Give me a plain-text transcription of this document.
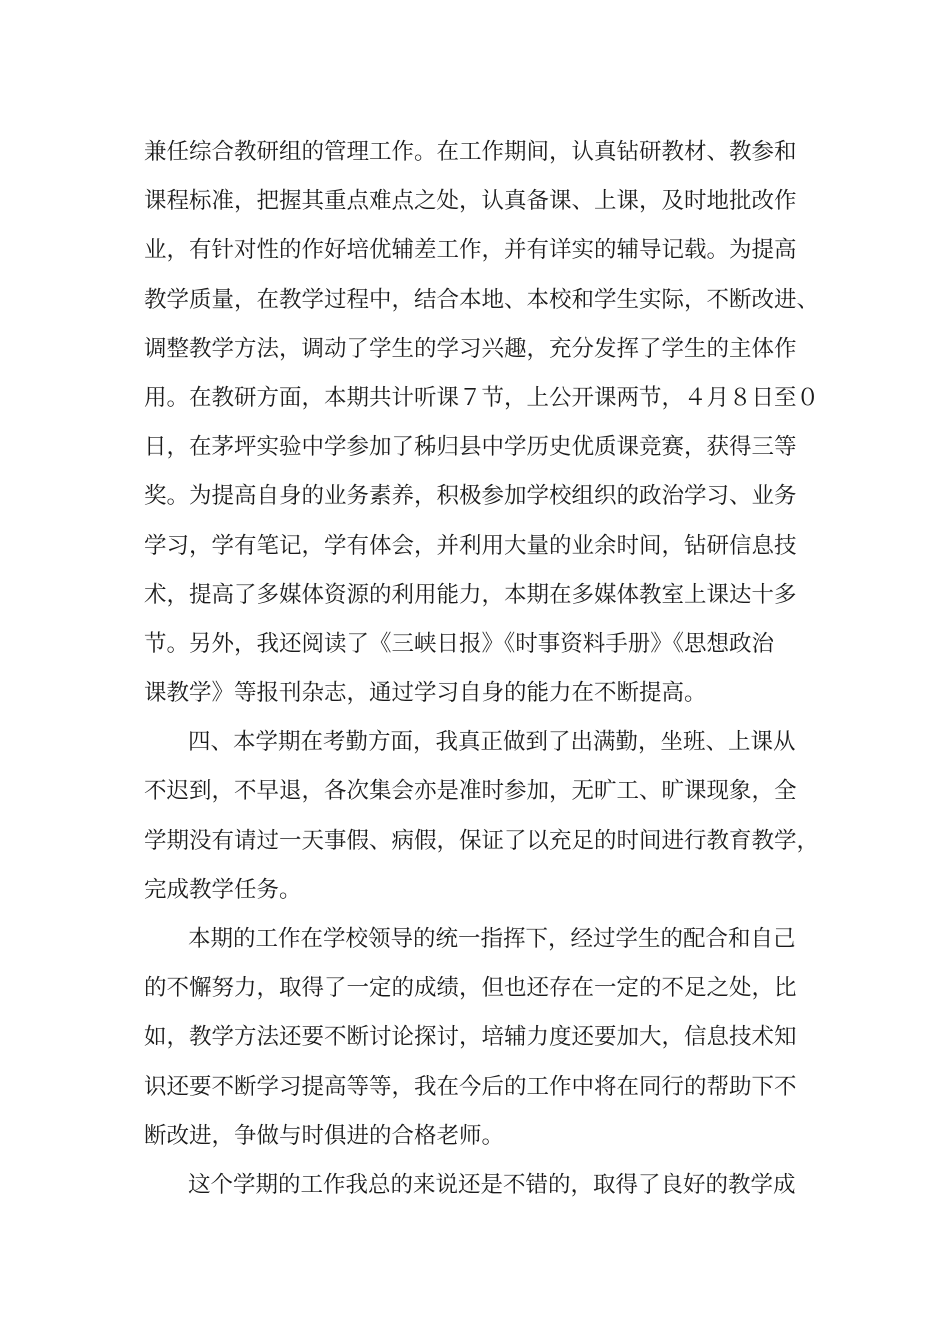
兼任综合教研组的管理工作。在工作期间，认真钻研教材、教参和
课程标准，把握其重点难点之处，认真备课、上课，及时地批改作
业，有针对性的作好培优辅差工作，并有详实的辅导记载。为提高
教学质量，在教学过程中，结合本地、本校和学生实际，不断改进、
调整教学方法，调动了学生的学习兴趣，充分发挥了学生的主体作
用。在教研方面，本期共计听课７节，上公开课两节，４月８日至０
日，在茅坪实验中学参加了秭归县中学历史优质课竞赛，获得三等
奖。为提高自身的业务素养，积极参加学校组织的政治学习、业务
学习，学有笔记，学有体会，并利用大量的业余时间，钻研信息技
术，提高了多媒体资源的利用能力，本期在多媒体教室上课达十多
节。另外，我还阅读了《三峡日报》《时事资料手册》《思想政治
课教学》等报刊杂志，通过学习自身的能力在不断提高。
四、本学期在考勤方面，我真正做到了出满勤，坐班、上课从
不迟到，不早退，各次集会亦是准时参加，无旷工、旷课现象，全
学期没有请过一天事假、病假，保证了以充足的时间进行教育教学，
完成教学任务。
本期的工作在学校领导的统一指挥下，经过学生的配合和自己
的不懈努力，取得了一定的成绩，但也还存在一定的不足之处，比
如，教学方法还要不断讨论探讨，培辅力度还要加大，信息技术知
识还要不断学习提高等等，我在今后的工作中将在同行的帮助下不
断改进，争做与时俱进的合格老师。
这个学期的工作我总的来说还是不错的，取得了良好的教学成
